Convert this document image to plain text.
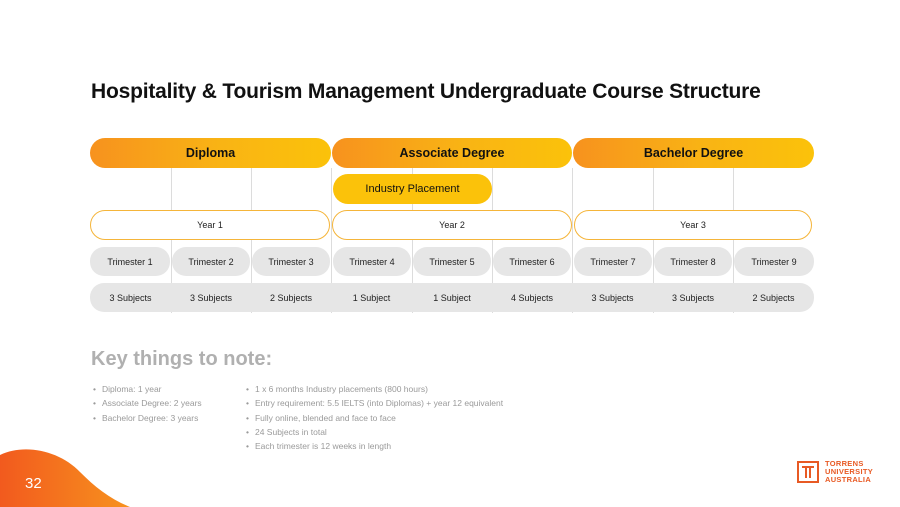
Hospitality & Tourism Management Undergraduate Course Structure
Diploma	Associate Degree	Bachelor Degree
Industry Placement
Year 1	Year 2	Year 3
Trimester 1	Trimester 2	Trimester 3	Trimester 4	Trimester 5	Trimester 6	Trimester 7	Trimester 8	Trimester 9
3 Subjects	3 Subjects	2 Subjects	1 Subject	1 Subject	4 Subjects	3 Subjects	3 Subjects	2 Subjects
Key things to note:
• Diploma: 1 year
• Associate Degree: 2 years
• Bachelor Degree: 3 years
• 1 x 6 months Industry placements (800 hours)
• Entry requirement: 5.5 IELTS (into Diplomas) + year 12 equivalent
• Fully online, blended and face to face
• 24 Subjects in total
• Each trimester is 12 weeks in length
32
TORRENS
UNIVERSITY
AUSTRALIA
